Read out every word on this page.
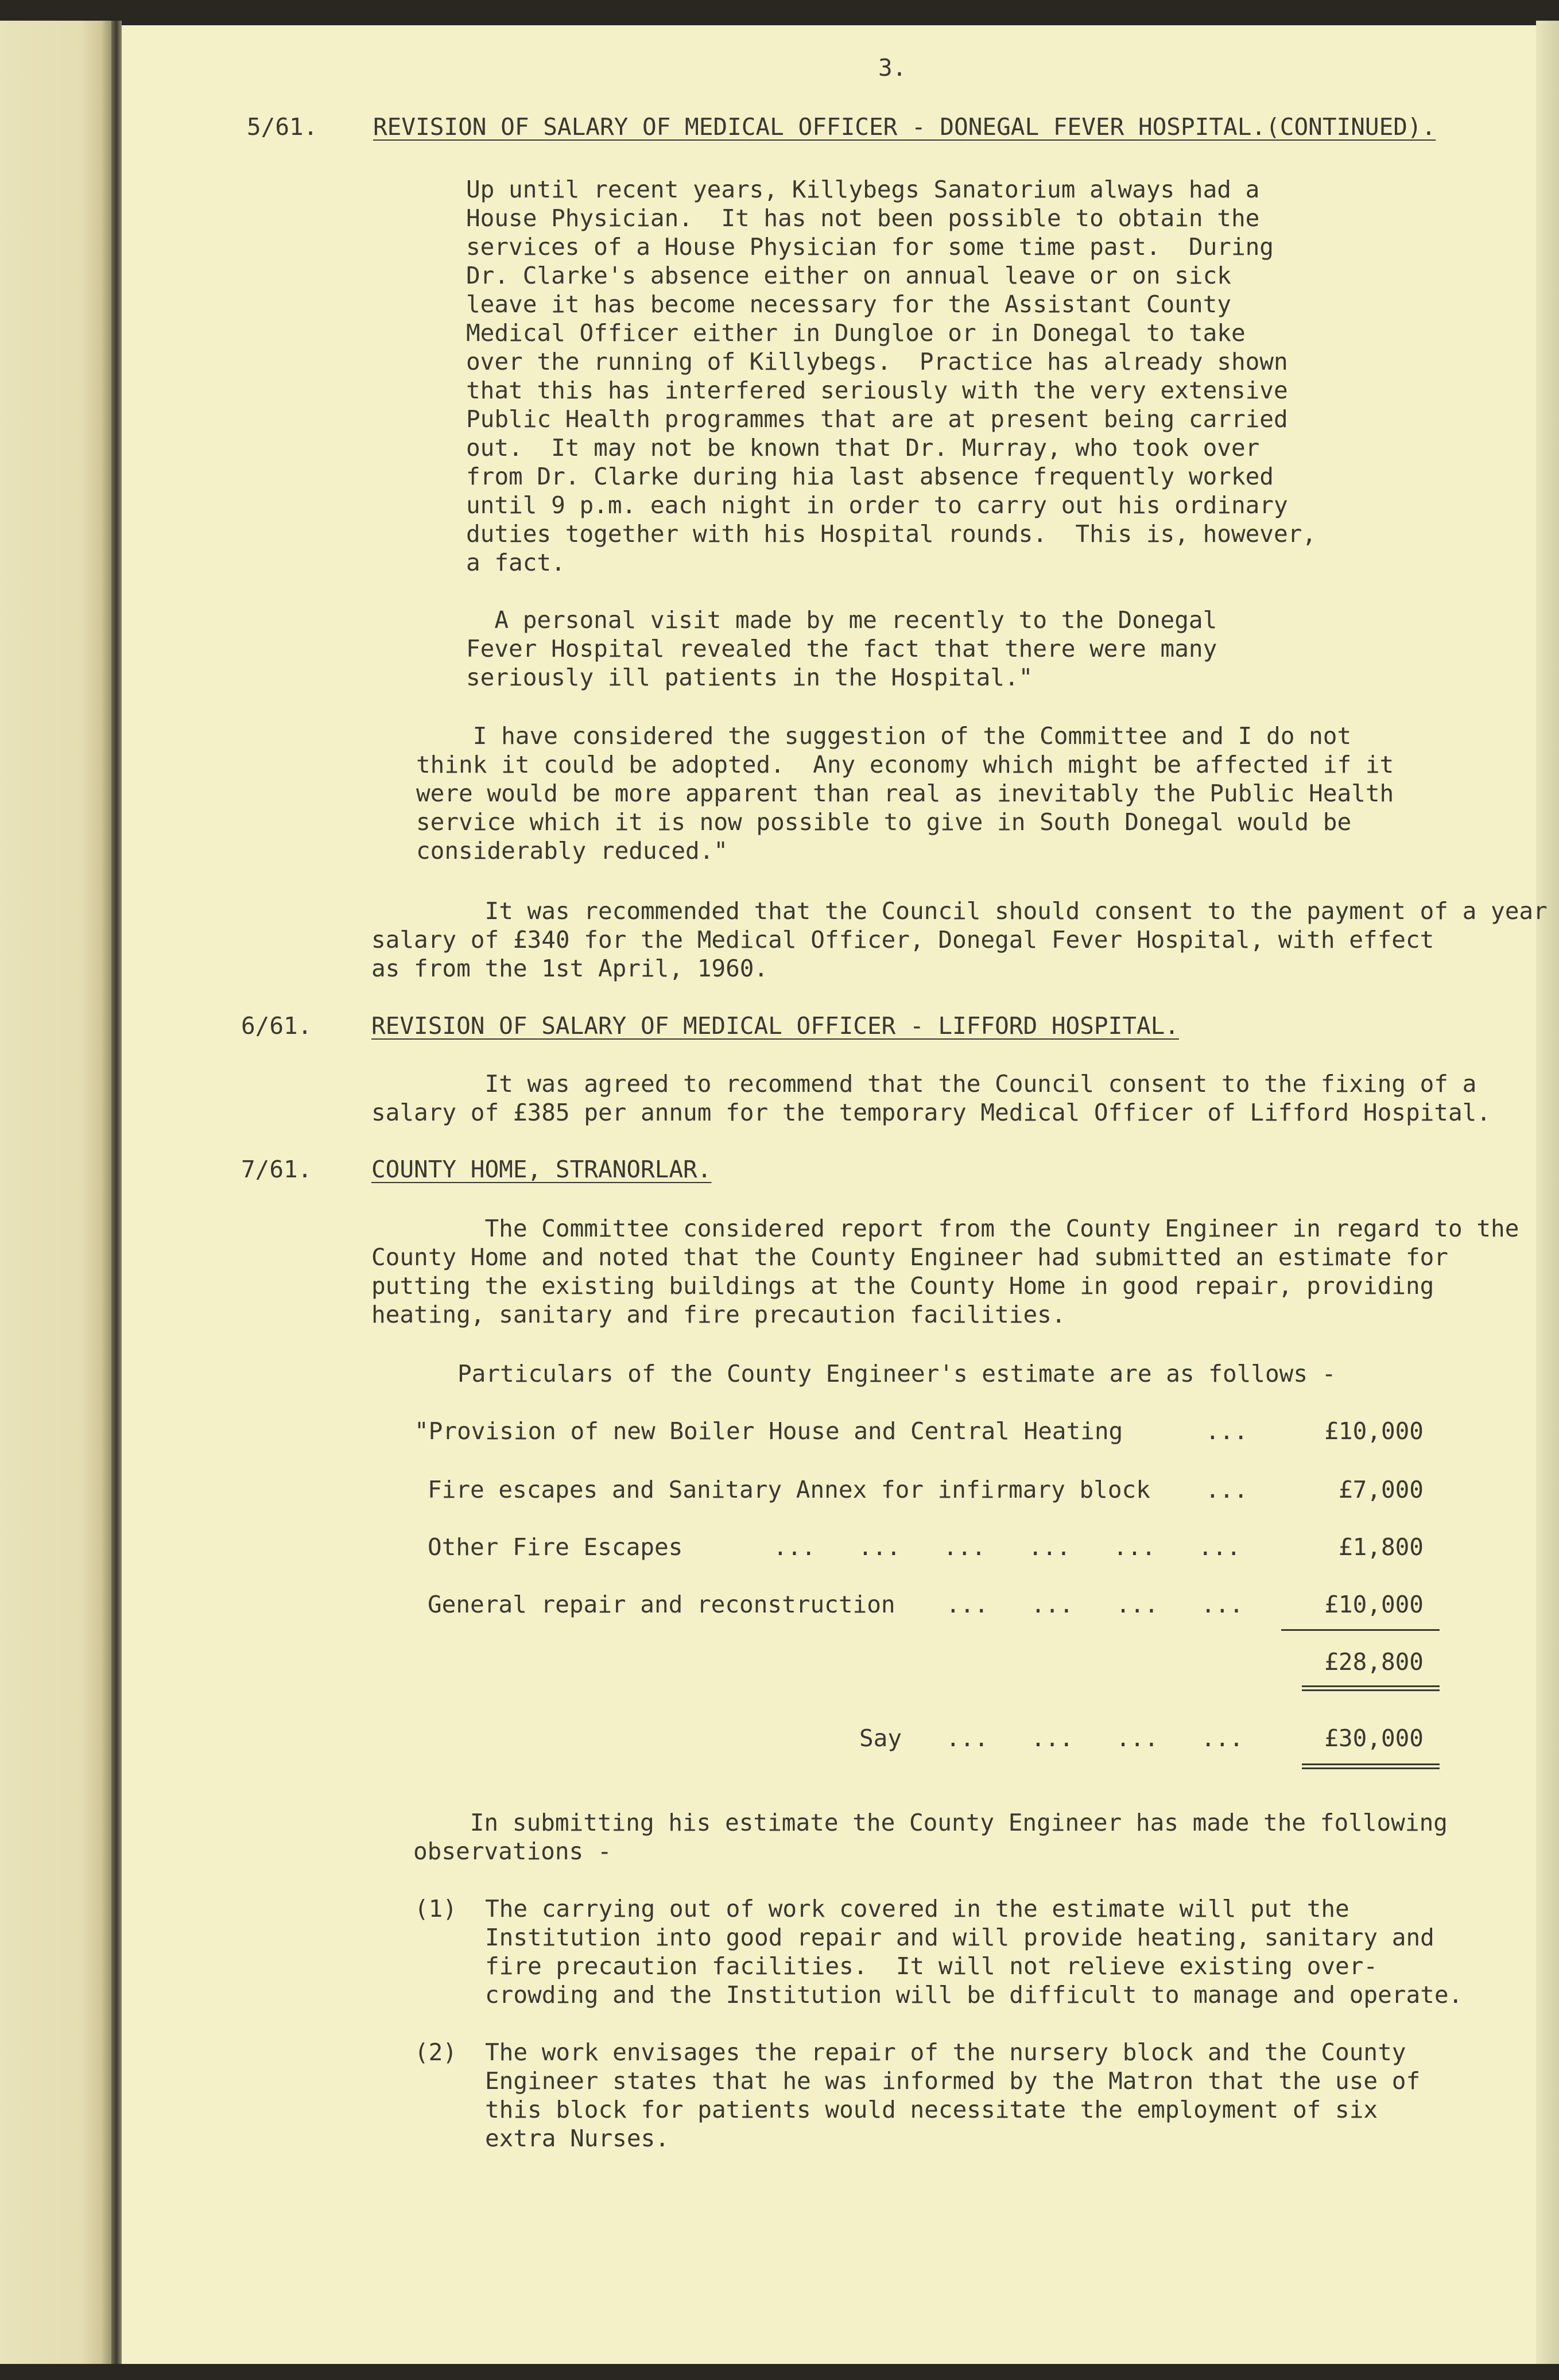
3.
5/61. REVISION OF SALARY OF MEDICAL OFFICER - DONEGAL FEVER HOSPITAL.(CONTINUED).
Up until recent years, Killybegs Sanatorium always had a
House Physician.  It has not been possible to obtain the
services of a House Physician for some time past.  During
Dr. Clarke's absence either on annual leave or on sick
leave it has become necessary for the Assistant County
Medical Officer either in Dungloe or in Donegal to take
over the running of Killybegs.  Practice has already shown
that this has interfered seriously with the very extensive
Public Health programmes that are at present being carried
out.  It may not be known that Dr. Murray, who took over
from Dr. Clarke during hia last absence frequently worked
until 9 p.m. each night in order to carry out his ordinary
duties together with his Hospital rounds.  This is, however,
a fact.
A personal visit made by me recently to the Donegal
Fever Hospital revealed the fact that there were many
seriously ill patients in the Hospital."
I have considered the suggestion of the Committee and I do not
think it could be adopted.  Any economy which might be affected if it
were would be more apparent than real as inevitably the Public Health
service which it is now possible to give in South Donegal would be
considerably reduced."
It was recommended that the Council should consent to the payment of a year
salary of £340 for the Medical Officer, Donegal Fever Hospital, with effect
as from the 1st April, 1960.
6/61.	REVISION OF SALARY OF MEDICAL OFFICER - LIFFORD HOSPITAL.
It was agreed to recommend that the Council consent to the fixing of a
salary of £385 per annum for the temporary Medical Officer of Lifford Hospital.
7/61.	COUNTY HOME, STRANORLAR.
The Committee considered report from the County Engineer in regard to the
County Home and noted that the County Engineer had submitted an estimate for
putting the existing buildings at the County Home in good repair, providing
heating, sanitary and fire precaution facilities.
Particulars of the County Engineer's estimate are as follows -
"Provision of new Boiler House and Central Heating	...	£10,000
Fire escapes and Sanitary Annex for infirmary block ...	£7,000
Other Fire Escapes	...   ...   ...   ...   ...   ...	£1,800
General repair and reconstruction ...   ...   ...   ...	£10,000
£28,800
Say ...   ...   ...   ...	£30,000
In submitting his estimate the County Engineer has made the following
observations -
(1) The carrying out of work covered in the estimate will put the
Institution into good repair and will provide heating, sanitary and
fire precaution facilities.  It will not relieve existing over-
crowding and the Institution will be difficult to manage and operate.
(2) The work envisages the repair of the nursery block and the County
Engineer states that he was informed by the Matron that the use of
this block for patients would necessitate the employment of six
extra Nurses.
